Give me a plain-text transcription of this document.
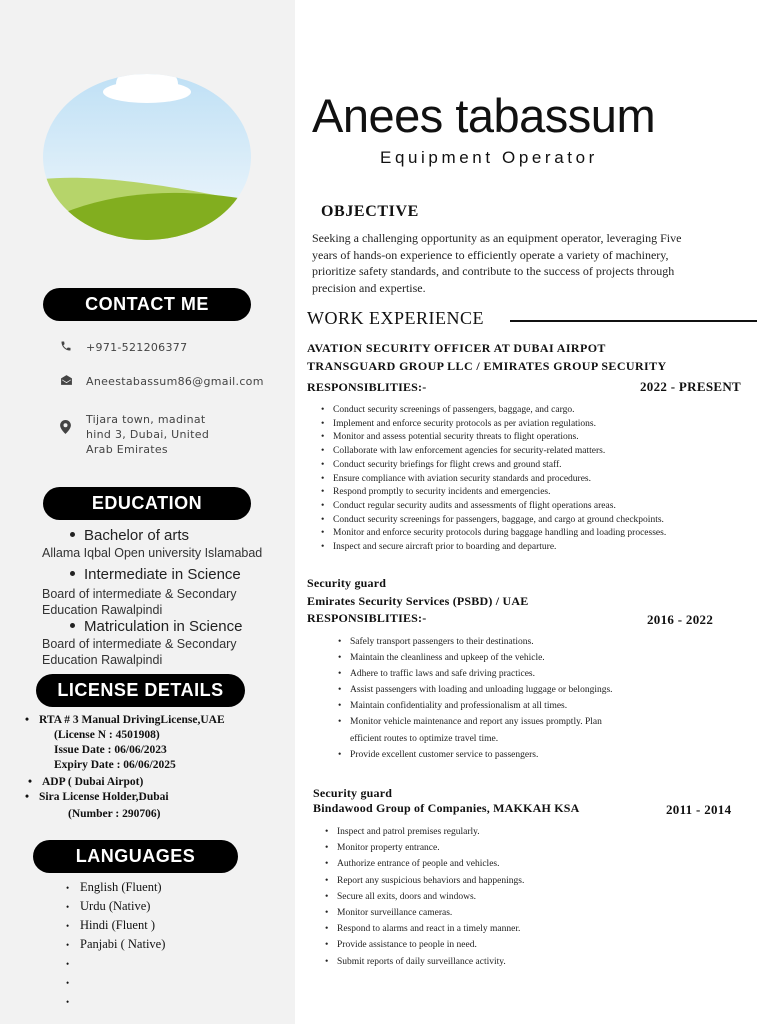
CONTACT ME
+971-521206377
Aneestabassum86@gmail.com
Tijara town, madinat
hind 3, Dubai, United
Arab Emirates
EDUCATION
Bachelor of arts
Allama Iqbal Open university Islamabad
Intermediate in Science
Board of intermediate & Secondary
Education Rawalpindi
Matriculation in Science
Board of intermediate & Secondary
Education Rawalpindi
LICENSE DETAILS
• RTA # 3 Manual DrivingLicense,UAE
(License N : 4501908)
Issue Date : 06/06/2023
Expiry Date : 06/06/2025
• ADP ( Dubai Airpot)
• Sira License Holder,Dubai
(Number : 290706)
LANGUAGES
• English (Fluent)
• Urdu (Native)
• Hindi (Fluent )
• Panjabi ( Native)
•
•
•
Anees tabassum
Equipment Operator
OBJECTIVE
Seeking a challenging opportunity as an equipment operator, leveraging Five
years of hands-on experience to efficiently operate a variety of machinery,
prioritize safety standards, and contribute to the success of projects through
precision and expertise.
WORK EXPERIENCE
AVATION SECURITY OFFICER AT DUBAI AIRPOT
TRANSGUARD GROUP LLC / EMIRATES GROUP SECURITY
RESPONSIBLITIES:-	2022 - PRESENT
• Conduct security screenings of passengers, baggage, and cargo.
• Implement and enforce security protocols as per aviation regulations.
• Monitor and assess potential security threats to flight operations.
• Collaborate with law enforcement agencies for security-related matters.
• Conduct security briefings for flight crews and ground staff.
• Ensure compliance with aviation security standards and procedures.
• Respond promptly to security incidents and emergencies.
• Conduct regular security audits and assessments of flight operations areas.
• Conduct security screenings for passengers, baggage, and cargo at ground checkpoints.
• Monitor and enforce security protocols during baggage handling and loading processes.
• Inspect and secure aircraft prior to boarding and departure.
Security guard
Emirates Security Services (PSBD) / UAE
RESPONSIBLITIES:-	2016 - 2022
• Safely transport passengers to their destinations.
• Maintain the cleanliness and upkeep of the vehicle.
• Adhere to traffic laws and safe driving practices.
• Assist passengers with loading and unloading luggage or belongings.
• Maintain confidentiality and professionalism at all times.
• Monitor vehicle maintenance and report any issues promptly. Plan efficient routes to optimize travel time.
• Provide excellent customer service to passengers.
Security guard
Bindawood Group of Companies, MAKKAH KSA	2011 - 2014
• Inspect and patrol premises regularly.
• Monitor property entrance.
• Authorize entrance of people and vehicles.
• Report any suspicious behaviors and happenings.
• Secure all exits, doors and windows.
• Monitor surveillance cameras.
• Respond to alarms and react in a timely manner.
• Provide assistance to people in need.
• Submit reports of daily surveillance activity.
